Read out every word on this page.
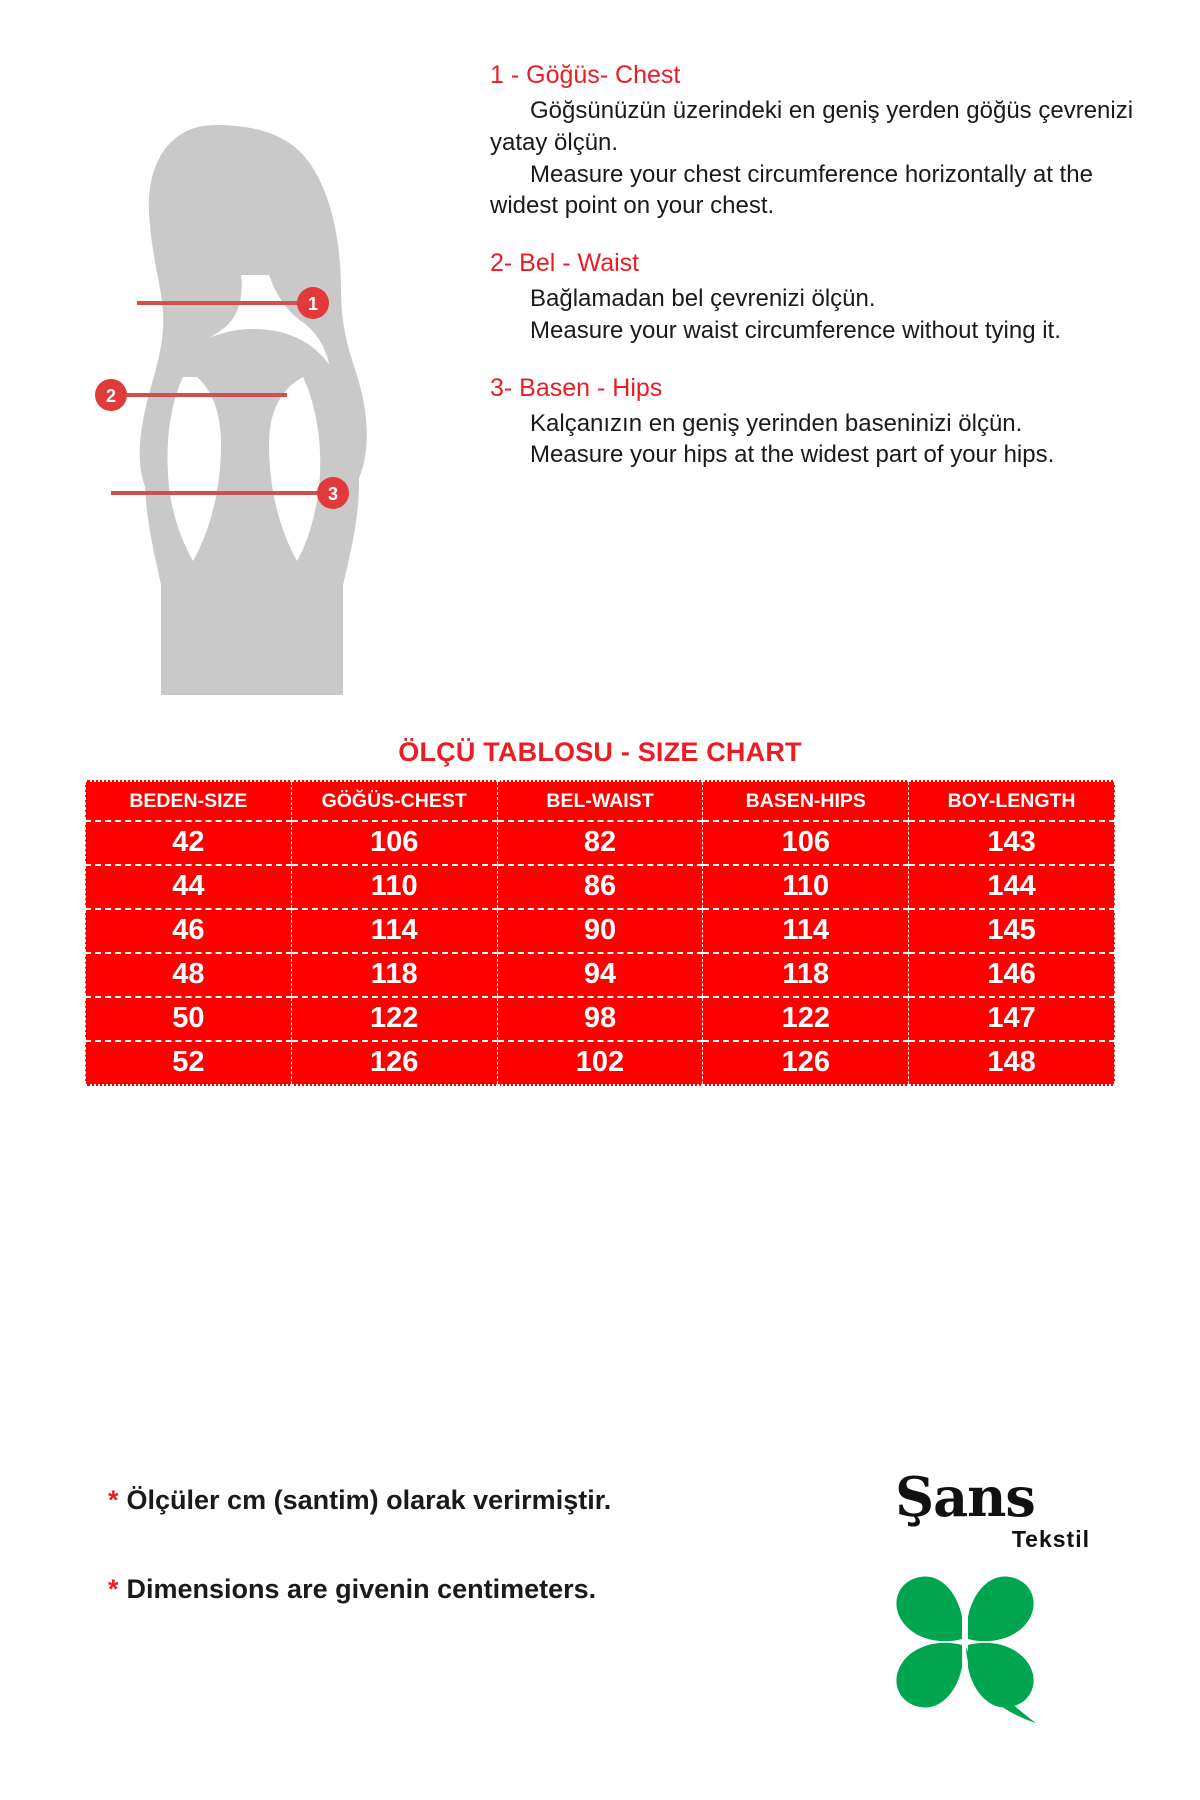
1
2
3
1 - Göğüs- Chest

Göğsünüzün üzerindeki en geniş yerden göğüs çevrenizi yatay ölçün.

Measure your chest circumference horizontally at the widest point on your chest.

2- Bel - Waist

Bağlamadan bel çevrenizi ölçün.

Measure your waist circumference without tying it.

3- Basen - Hips

Kalçanızın en geniş yerinden baseninizi ölçün.

Measure your hips at the widest part of your hips.

ÖLÇÜ TABLOSU - SIZE CHART
BEDEN-SIZE	GÖĞÜS-CHEST	BEL-WAIST	BASEN-HIPS	BOY-LENGTH
42	106	82	106	143
44	110	86	110	144
46	114	90	114	145
48	118	94	118	146
50	122	98	122	147
52	126	102	126	148
* Ölçüler cm (santim) olarak verirmiştir.
* Dimensions are givenin centimeters.
Şans
Tekstil
